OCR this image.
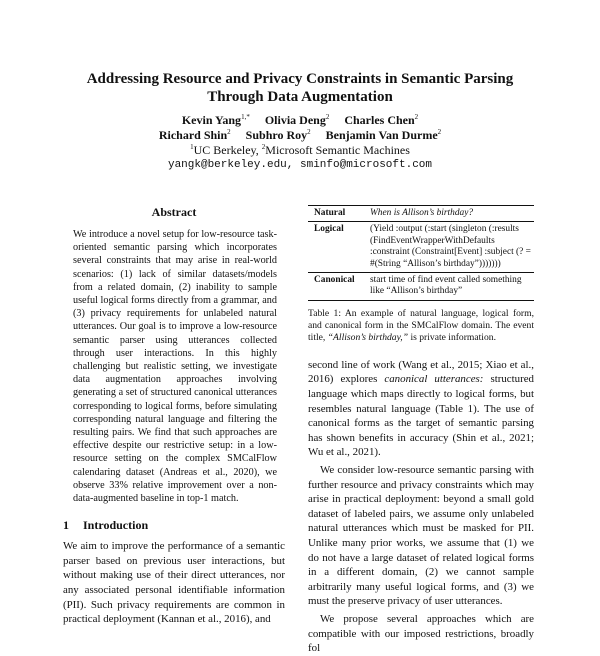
Addressing Resource and Privacy Constraints in Semantic Parsing
Through Data Augmentation
Kevin Yang$^{1,*}$ Olivia Deng$^2$ Charles Chen$^2$
Richard Shin$^2$ Subhro Roy$^2$ Benjamin Van Durme$^2$
$^1$UC Berkeley, $^2$Microsoft Semantic Machines
yangk@berkeley.edu, sminfo@microsoft.com
Abstract

We introduce a novel setup for low-resource task-oriented semantic parsing which incorporates several constraints that may arise in real-world scenarios: (1) lack of similar datasets/models from a related domain, (2) inability to sample useful logical forms directly from a grammar, and (3) privacy requirements for unlabeled natural utterances. Our goal is to improve a low-resource semantic parser using utterances collected through user interactions. In this highly challenging but realistic setting, we investigate data augmentation approaches involving generating a set of structured canonical utterances corresponding to logical forms, before simulating corresponding natural language and filtering the resulting pairs. We find that such approaches are effective despite our restrictive setup: in a low-resource setting on the complex SMCalFlow calendaring dataset (Andreas et al., 2020), we observe 33% relative improvement over a non-data-augmented baseline in top-1 match.

1 Introduction

We aim to improve the performance of a semantic parser based on previous user interactions, but without making use of their direct utterances, nor any associated personal identifiable information (PII). Such privacy requirements are common in practical deployment (Kannan et al., 2016), and

Natural	When is Allison’s birthday?
Logical	(Yield :output (:start (singleton (:results (FindEventWrapperWithDefaults :constraint (Constraint[Event] :subject (? = #(String “Allison’s birthday”)))))))
Canonical	start time of find event called something like “Allison’s birthday”
Table 1: An example of natural language, logical form, and canonical form in the SMCalFlow domain. The event title, “Allison’s birthday,” is private information.

second line of work (Wang et al., 2015; Xiao et al., 2016) explores canonical utterances: structured language which maps directly to logical forms, but resembles natural language (Table 1). The use of canonical forms as the target of semantic parsing has shown benefits in accuracy (Shin et al., 2021; Wu et al., 2021).

We consider low-resource semantic parsing with further resource and privacy constraints which may arise in practical deployment: beyond a small gold dataset of labeled pairs, we assume only unlabeled natural utterances which must be masked for PII. Unlike many prior works, we assume that (1) we do not have a large dataset of related logical forms in a different domain, (2) we cannot sample arbitrarily many useful logical forms, and (3) we must the preserve privacy of user utterances.

We propose several approaches which are compatible with our imposed restrictions, broadly fol
